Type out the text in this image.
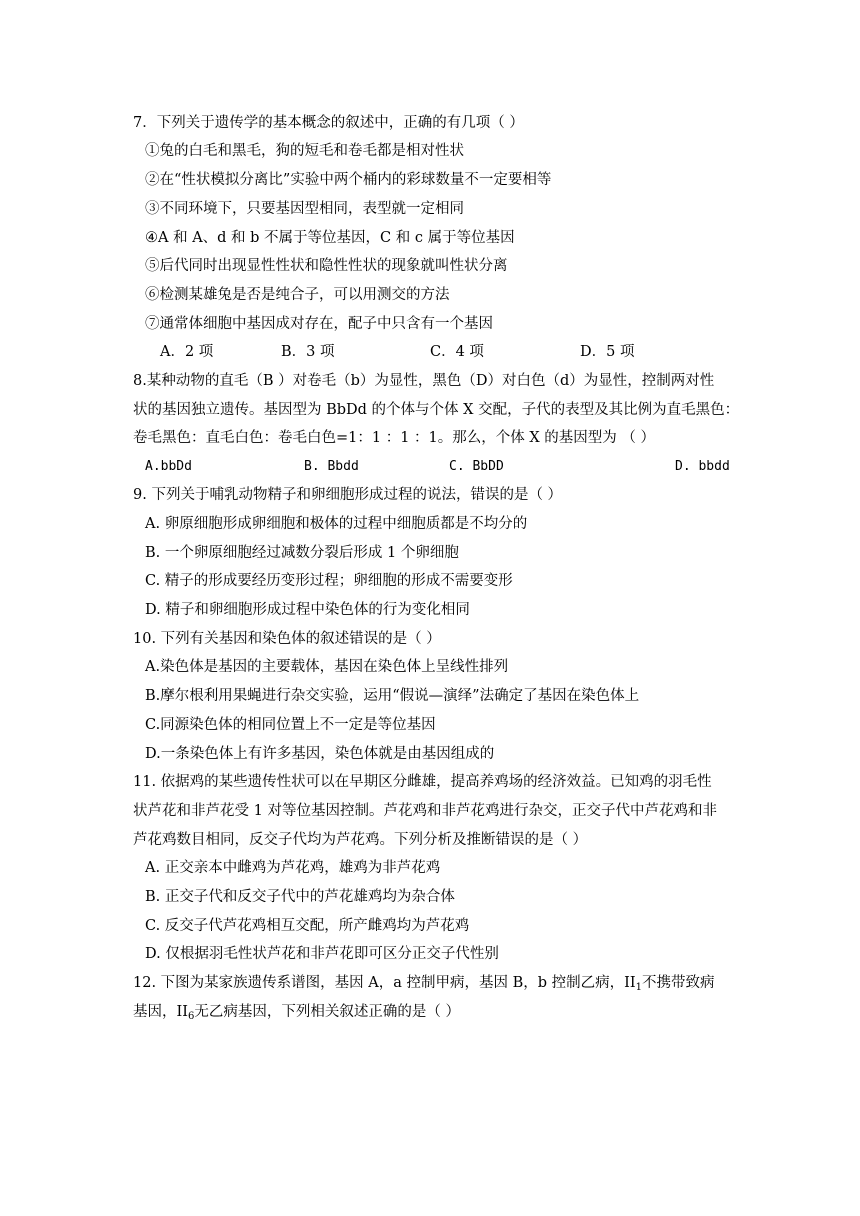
7．下列关于遗传学的基本概念的叙述中，正确的有几项（ ）
①兔的白毛和黑毛，狗的短毛和卷毛都是相对性状
②在“性状模拟分离比”实验中两个桶内的彩球数量不一定要相等
③不同环境下，只要基因型相同，表型就一定相同
④A 和 A、d 和 b 不属于等位基因，C 和 c 属于等位基因
⑤后代同时出现显性性状和隐性性状的现象就叫性状分离
⑥检测某雄兔是否是纯合子，可以用测交的方法
⑦通常体细胞中基因成对存在，配子中只含有一个基因
A．2 项	B．3 项	C．4 项	D．5 项
8.某种动物的直毛（B ）对卷毛（b）为显性，黑色（D）对白色（d）为显性，控制两对性
状的基因独立遗传。基因型为 BbDd 的个体与个体 X 交配，子代的表型及其比例为直毛黑色：
卷毛黑色：直毛白色：卷毛白色=1：1 ：1 ：1。那么，个体 X 的基因型为 （ ）
A.bbDd	B. Bbdd	C. BbDD	D. bbdd
9. 下列关于哺乳动物精子和卵细胞形成过程的说法，错误的是（ ）
A. 卵原细胞形成卵细胞和极体的过程中细胞质都是不均分的
B. 一个卵原细胞经过减数分裂后形成 1 个卵细胞
C. 精子的形成要经历变形过程；卵细胞的形成不需要变形
D. 精子和卵细胞形成过程中染色体的行为变化相同
10. 下列有关基因和染色体的叙述错误的是（ ）
A.染色体是基因的主要载体，基因在染色体上呈线性排列
B.摩尔根利用果蝇进行杂交实验，运用“假说—演绎”法确定了基因在染色体上
C.同源染色体的相同位置上不一定是等位基因
D.一条染色体上有许多基因，染色体就是由基因组成的
11. 依据鸡的某些遗传性状可以在早期区分雌雄，提高养鸡场的经济效益。已知鸡的羽毛性
状芦花和非芦花受 1 对等位基因控制。芦花鸡和非芦花鸡进行杂交，正交子代中芦花鸡和非
芦花鸡数目相同，反交子代均为芦花鸡。下列分析及推断错误的是（ ）
A. 正交亲本中雌鸡为芦花鸡，雄鸡为非芦花鸡
B. 正交子代和反交子代中的芦花雄鸡均为杂合体
C. 反交子代芦花鸡相互交配，所产雌鸡均为芦花鸡
D. 仅根据羽毛性状芦花和非芦花即可区分正交子代性别
12. 下图为某家族遗传系谱图，基因 A，a 控制甲病，基因 B，b 控制乙病，$II_1$不携带致病
基因，$II_6$无乙病基因，下列相关叙述正确的是（ ）
